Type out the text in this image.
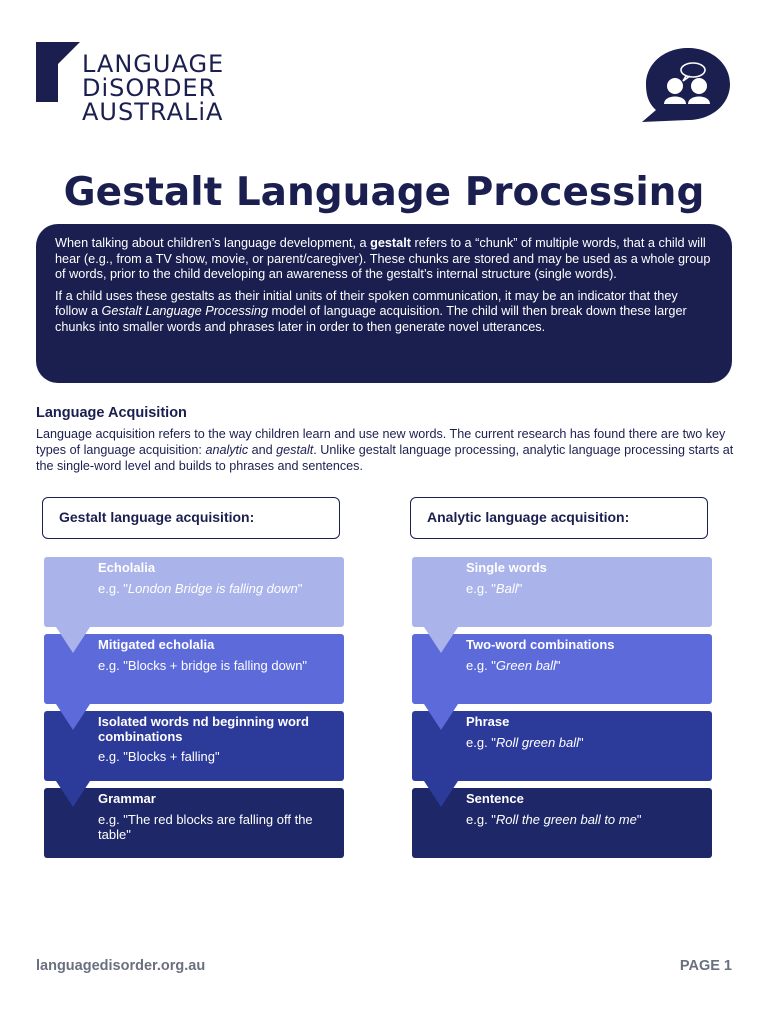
LANGUAGE
DiSORDER
AUSTRALiA
Gestalt Language Processing

When talking about children’s language development, a gestalt refers to a “chunk” of multiple words, that a child will hear (e.g., from a TV show, movie, or parent/caregiver). These chunks are stored and may be used as a whole group of words, prior to the child developing an awareness of the gestalt’s internal structure (single words).

If a child uses these gestalts as their initial units of their spoken communication, it may be an indicator that they follow a Gestalt Language Processing model of language acquisition. The child will then break down these larger chunks into smaller words and phrases later in order to then generate novel utterances.

Language Acquisition
Language acquisition refers to the way children learn and use new words. The current research has found there are two key types of language acquisition: analytic and gestalt. Unlike gestalt language processing, analytic language processing starts at the single-word level and builds to phrases and sentences.
Gestalt language acquisition:	Analytic language acquisition:
Echolalia
e.g. "London Bridge is falling down"
Mitigated echolalia
e.g. "Blocks + bridge is falling down"
Isolated words nd beginning word combinations
e.g. "Blocks + falling"
Grammar
e.g. "The red blocks are falling off the table"
Single words
e.g. "Ball"
Two-word combinations
e.g. "Green ball"
Phrase
e.g. "Roll green ball"
Sentence
e.g. "Roll the green ball to me"
languagedisorder.org.au	PAGE 1
